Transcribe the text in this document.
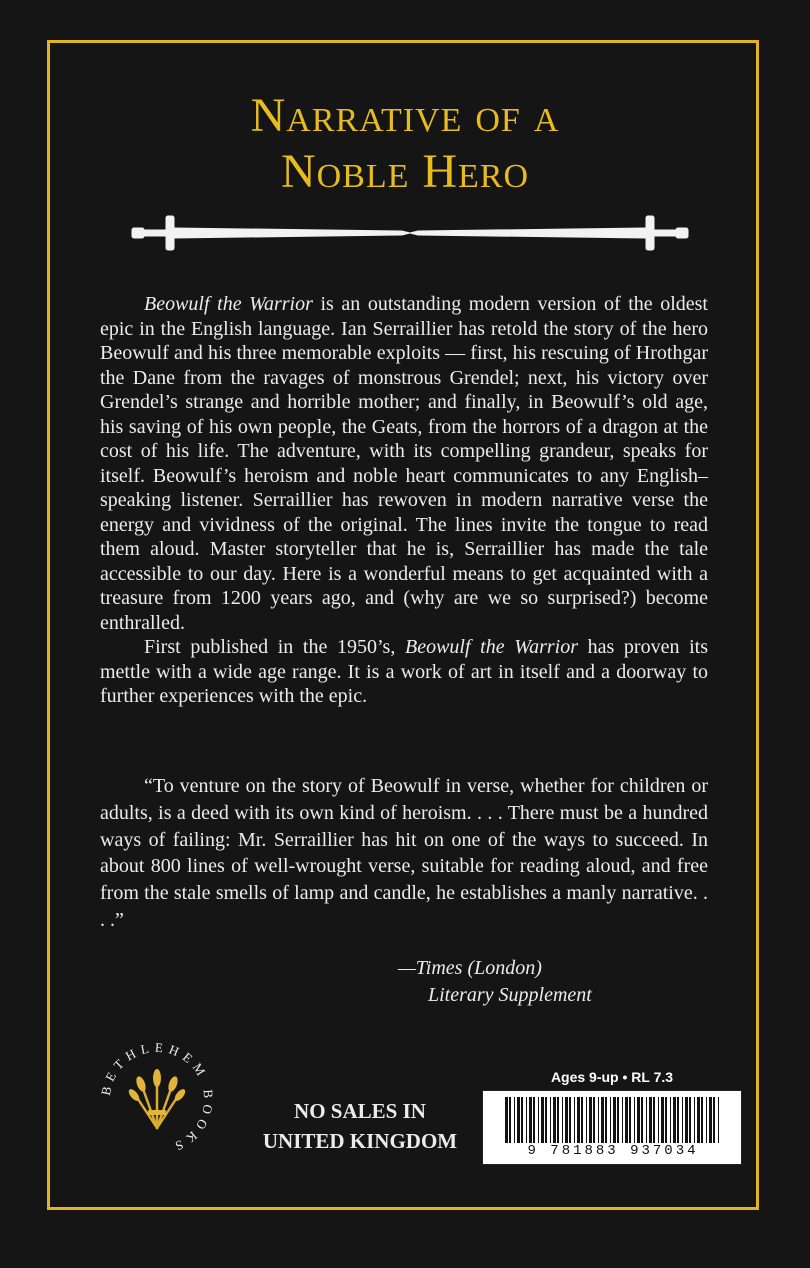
Narrative of a
Noble Hero

Beowulf the Warrior is an outstanding modern version of the oldest epic in the English language. Ian Serraillier has retold the story of the hero Beowulf and his three memorable exploits — first, his rescuing of Hrothgar the Dane from the ravages of monstrous Grendel; next, his victory over Grendel’s strange and horrible mother; and finally, in Beowulf’s old age, his saving of his own people, the Geats, from the horrors of a dragon at the cost of his life. The adventure, with its compelling grandeur, speaks for itself. Beowulf’s heroism and noble heart communicates to any English–speaking listener. Serraillier has rewoven in modern narrative verse the energy and vividness of the original. The lines invite the tongue to read them aloud. Master storyteller that he is, Serraillier has made the tale accessible to our day. Here is a wonderful means to get acquainted with a treasure from 1200 years ago, and (why are we so surprised?) become enthralled.

First published in the 1950’s, Beowulf the Warrior has proven its mettle with a wide age range. It is a work of art in itself and a doorway to further experiences with the epic.

“To venture on the story of Beowulf in verse, whether for children or adults, is a deed with its own kind of heroism. . . . There must be a hundred ways of failing: Mr. Serraillier has hit on one of the ways to succeed. In about 800 lines of well-wrought verse, suitable for reading aloud, and free from the stale smells of lamp and candle, he establishes a manly narrative. . . .”
—Times (London)
Literary Supplement
BETHLEHEM BOOKS
NO SALES IN
UNITED KINGDOM
Ages 9-up • RL 7.3
9 781883 937034
